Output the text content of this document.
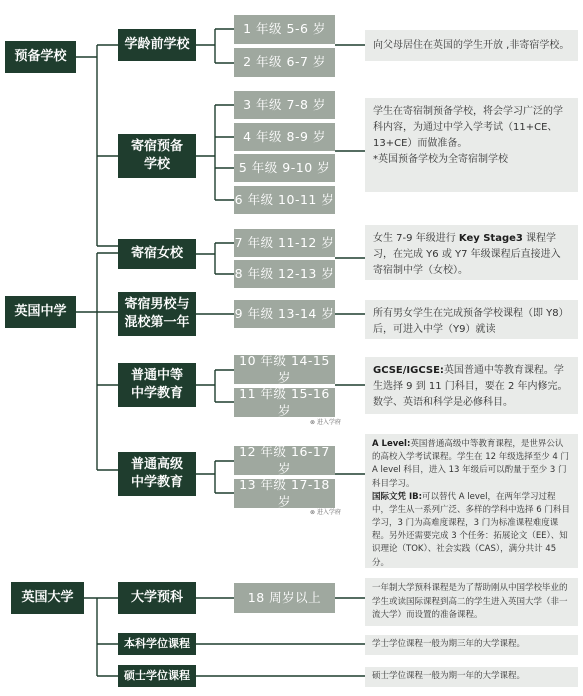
预备学校
英国中学
英国大学
学龄前学校
寄宿预备
学校
寄宿女校
寄宿男校与
混校第一年
普通中等
中学教育
普通高级
中学教育
大学预科
本科学位课程
硕士学位课程
1 年级 5-6 岁
2 年级 6-7 岁
3 年级 7-8 岁
4 年级 8-9 岁
5 年级 9-10 岁
6 年级 10-11 岁
7 年级 11-12 岁
8 年级 12-13 岁
9 年级 13-14 岁
10 年级 14-15 岁
11 年级 15-16 岁
12 年级 16-17 岁
13 年级 17-18 岁
18 周岁以上
⊗ 进入学府
⊗ 进入学府

向父母居住在英国的学生开放 ,非寄宿学校。

学生在寄宿制预备学校，将会学习广泛的学科内容，为通过中学入学考试（11+CE、13+CE）而做准备。

*英国预备学校为全寄宿制学校

女生 7-9 年级进行 Key Stage3 课程学习，在完成 Y6 或 Y7 年级课程后直接进入寄宿制中学（女校）。

所有男女学生在完成预备学校课程（即 Y8）后，可进入中学（Y9）就读

GCSE/IGCSE:英国普通中等教育课程。学生选择 9 到 11 门科目，要在 2 年内修完。数学、英语和科学是必修科目。

A Level:英国普通高级中等教育课程，是世界公认的高校入学考试课程。学生在 12 年级选择至少 4 门 A level 科目，进入 13 年级后可以酌量于至少 3 门科目学习。

国际文凭 IB:可以替代 A level，在两年学习过程中，学生从一系列广泛、多样的学科中选择 6 门科目学习，3 门为高难度课程，3 门为标准课程难度课程。另外还需要完成 3 个任务：拓展论文（EE）、知识理论（TOK）、社会实践（CAS），满分共计 45 分。

一年制大学预科课程是为了帮助刚从中国学校毕业的学生或读国际课程到高二的学生进入英国大学（非一流大学）而设置的准备课程。

学士学位课程一般为期三年的大学课程。

硕士学位课程一般为期一年的大学课程。
